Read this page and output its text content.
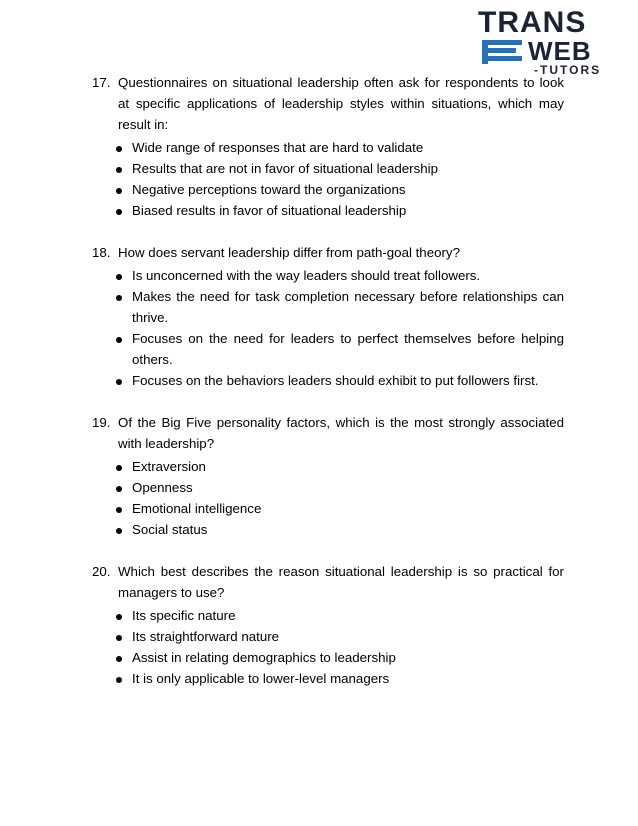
TRANS
WEB
-TUTORS
17. Questionnaires on situational leadership often ask for respondents to look at specific applications of leadership styles within situations, which may result in:
Wide range of responses that are hard to validate
Results that are not in favor of situational leadership
Negative perceptions toward the organizations
Biased results in favor of situational leadership
18. How does servant leadership differ from path-goal theory?
Is unconcerned with the way leaders should treat followers.
Makes the need for task completion necessary before relationships can thrive.
Focuses on the need for leaders to perfect themselves before helping others.
Focuses on the behaviors leaders should exhibit to put followers first.
19. Of the Big Five personality factors, which is the most strongly associated with leadership?
Extraversion
Openness
Emotional intelligence
Social status
20. Which best describes the reason situational leadership is so practical for managers to use?
Its specific nature
Its straightforward nature
Assist in relating demographics to leadership
It is only applicable to lower-level managers
